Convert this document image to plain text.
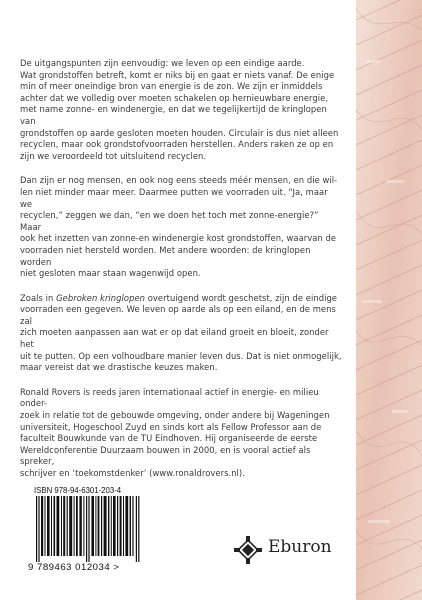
De uitgangspunten zijn eenvoudig: we leven op een eindige aarde.
Wat grondstoffen betreft, komt er niks bij en gaat er niets vanaf. De enige
min of meer oneindige bron van energie is de zon. We zijn er inmiddels
achter dat we volledig over moeten schakelen op hernieuwbare energie,
met name zonne- en windenergie, en dat we tegelijkertijd de kringlopen van
grondstoffen op aarde gesloten moeten houden. Circulair is dus niet alleen
recyclen, maar ook grondstofvoorraden herstellen. Anders raken ze op en
zijn we veroordeeld tot uitsluitend recyclen.

Dan zijn er nog mensen, en ook nog eens steeds méér mensen, en die wil-
len niet minder maar meer. Daarmee putten we voorraden uit. “Ja, maar we
recyclen,” zeggen we dan, “en we doen het toch met zonne-energie?” Maar
ook het inzetten van zonne-en windenergie kost grondstoffen, waarvan de
voorraden niet hersteld worden. Met andere woorden: de kringlopen worden
niet gesloten maar staan wagenwijd open.

Zoals in Gebroken kringlopen overtuigend wordt geschetst, zijn de eindige
voorraden een gegeven. We leven op aarde als op een eiland, en de mens zal
zich moeten aanpassen aan wat er op dat eiland groeit en bloeit, zonder het
uit te putten. Op een volhoudbare manier leven dus. Dat is niet onmogelijk,
maar vereist dat we drastische keuzes maken.

Ronald Rovers is reeds jaren internationaal actief in energie- en milieu onder-
zoek in relatie tot de gebouwde omgeving, onder andere bij Wageningen
universiteit, Hogeschool Zuyd en sinds kort als Fellow Professor aan de
faculteit Bouwkunde van de TU Eindhoven. Hij organiseerde de eerste
Wereldconferentie Duurzaam bouwen in 2000, en is vooral actief als spreker,
schrijver en ‘toekomstdenker’ (www.ronaldrovers.nl).

ISBN 978-94-6301-203-4
9 789463 012034 >
Eburon
